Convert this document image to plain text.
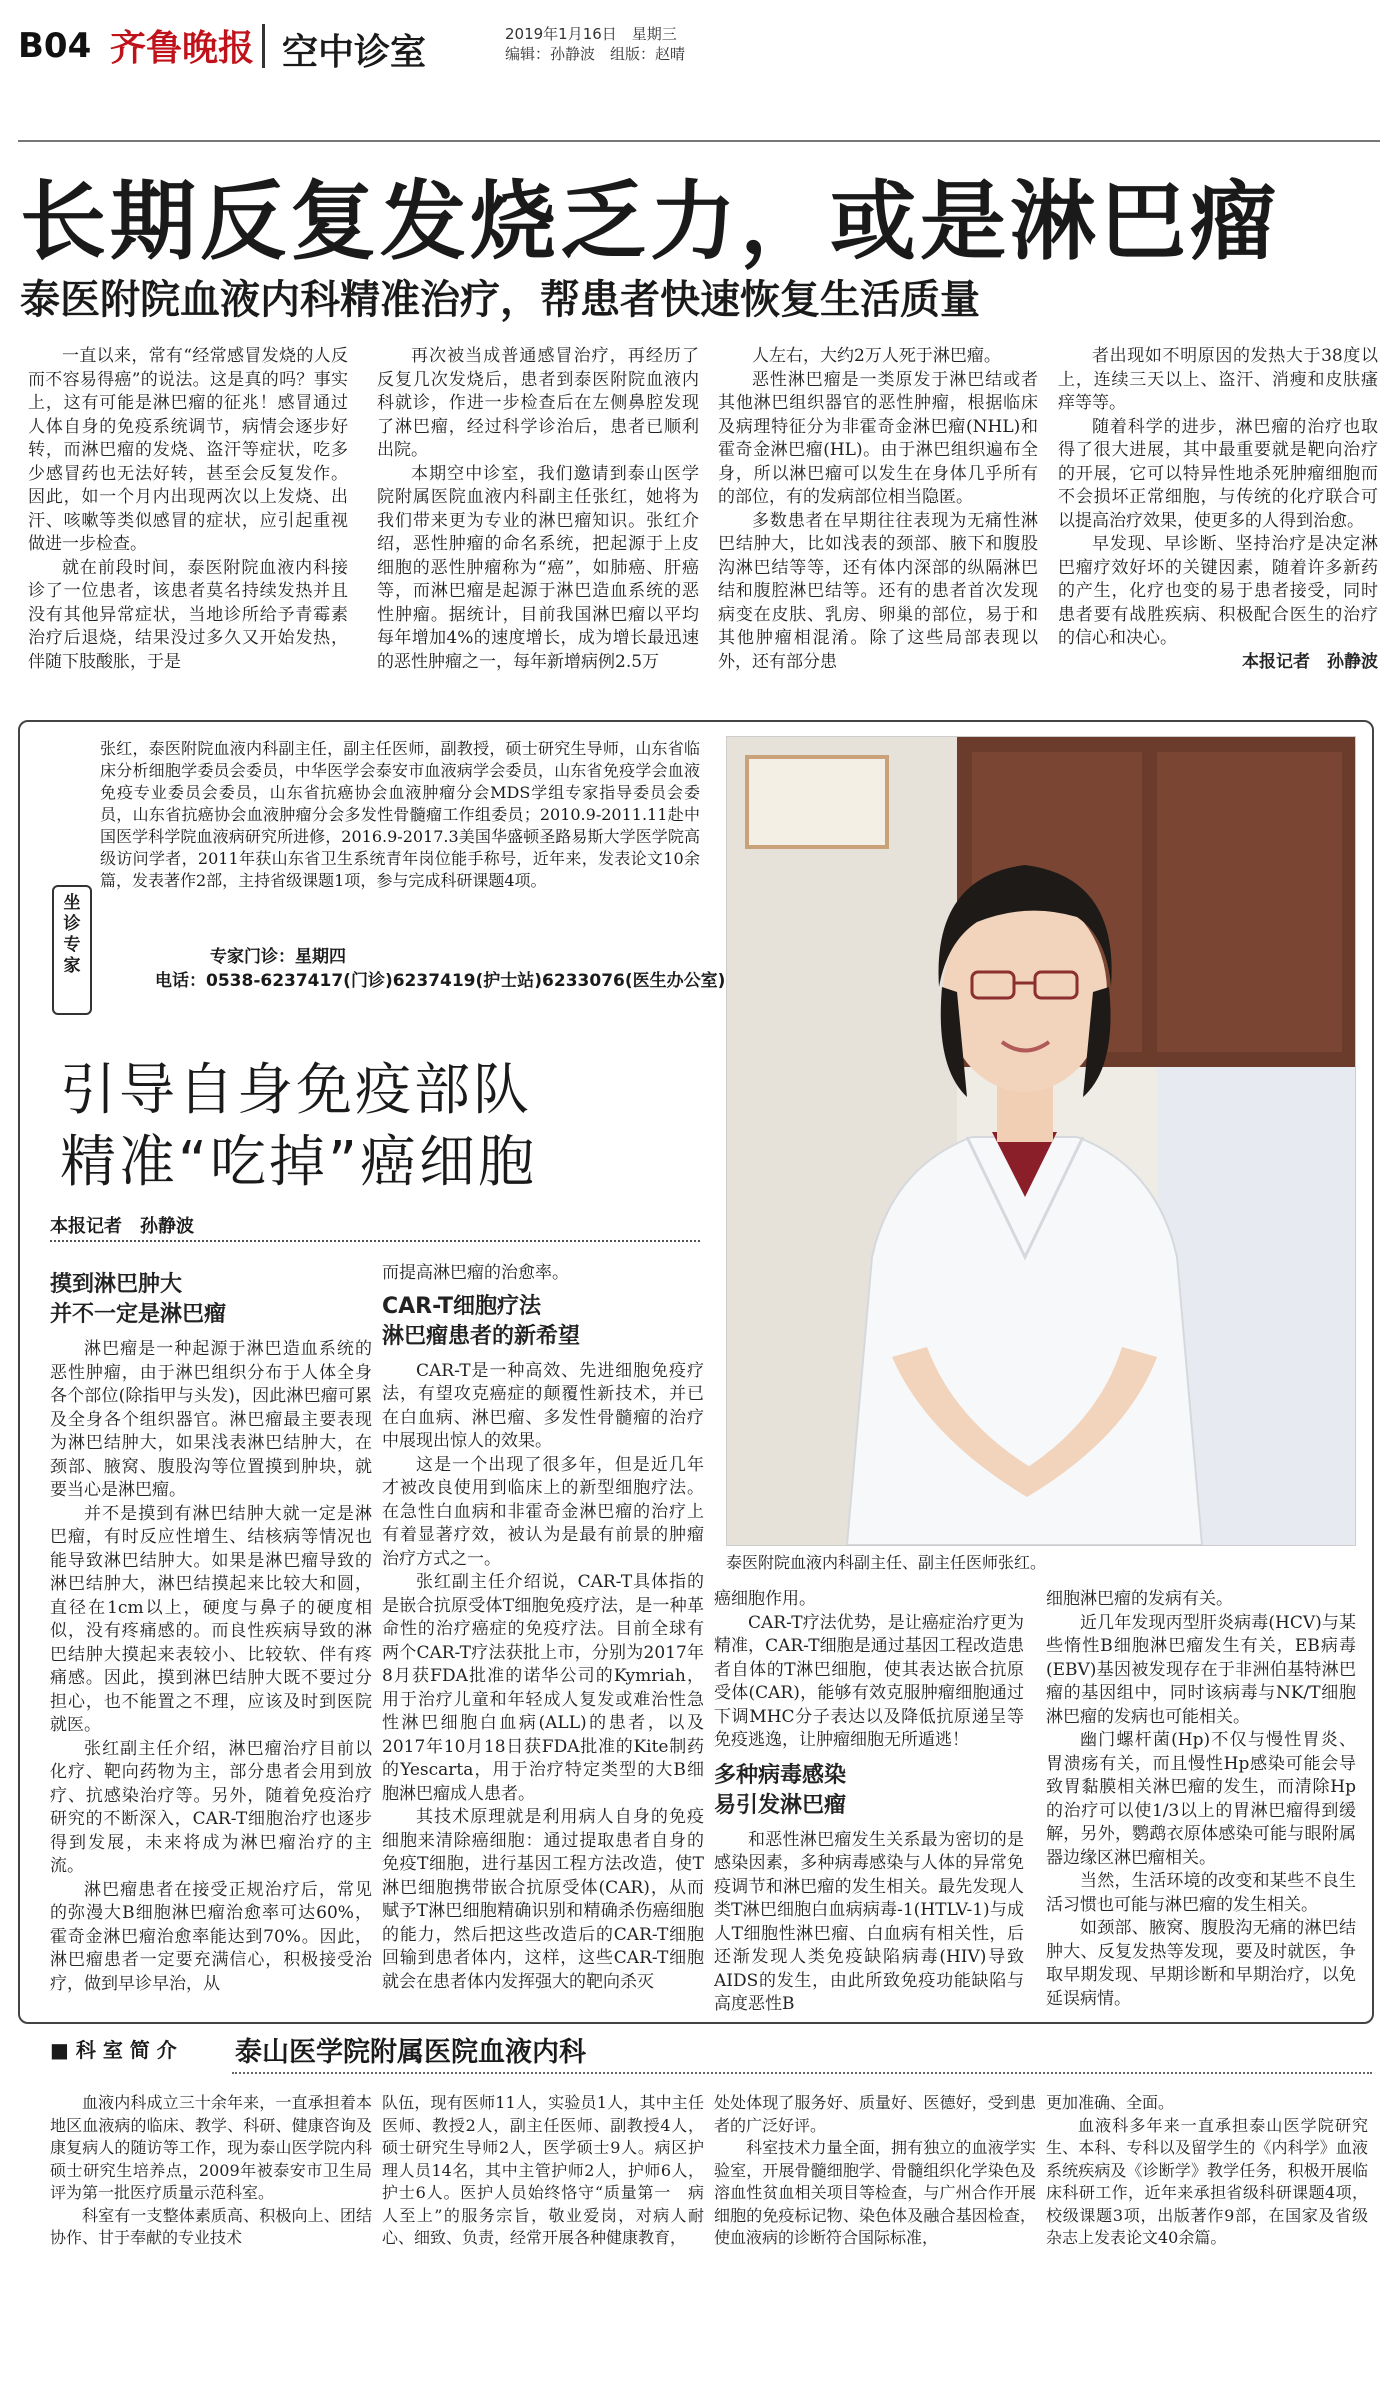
B04 齐鲁晚报 空中诊室	2019年1月16日　星期三
编辑：孙静波　组版：赵晴
长期反复发烧乏力，或是淋巴瘤
泰医附院血液内科精准治疗，帮患者快速恢复生活质量

一直以来，常有“经常感冒发烧的人反而不容易得癌”的说法。这是真的吗？事实上，这有可能是淋巴瘤的征兆！感冒通过人体自身的免疫系统调节，病情会逐步好转，而淋巴瘤的发烧、盗汗等症状，吃多少感冒药也无法好转，甚至会反复发作。因此，如一个月内出现两次以上发烧、出汗、咳嗽等类似感冒的症状，应引起重视做进一步检查。

就在前段时间，泰医附院血液内科接诊了一位患者，该患者莫名持续发热并且没有其他异常症状，当地诊所给予青霉素治疗后退烧，结果没过多久又开始发热，伴随下肢酸胀，于是

再次被当成普通感冒治疗，再经历了反复几次发烧后，患者到泰医附院血液内科就诊，作进一步检查后在左侧鼻腔发现了淋巴瘤，经过科学诊治后，患者已顺利出院。

本期空中诊室，我们邀请到泰山医学院附属医院血液内科副主任张红，她将为我们带来更为专业的淋巴瘤知识。张红介绍，恶性肿瘤的命名系统，把起源于上皮细胞的恶性肿瘤称为“癌”，如肺癌、肝癌等，而淋巴瘤是起源于淋巴造血系统的恶性肿瘤。据统计，目前我国淋巴瘤以平均每年增加4%的速度增长，成为增长最迅速的恶性肿瘤之一，每年新增病例2.5万

人左右，大约2万人死于淋巴瘤。

恶性淋巴瘤是一类原发于淋巴结或者其他淋巴组织器官的恶性肿瘤，根据临床及病理特征分为非霍奇金淋巴瘤(NHL)和霍奇金淋巴瘤(HL)。由于淋巴组织遍布全身，所以淋巴瘤可以发生在身体几乎所有的部位，有的发病部位相当隐匿。

多数患者在早期往往表现为无痛性淋巴结肿大，比如浅表的颈部、腋下和腹股沟淋巴结等等，还有体内深部的纵隔淋巴结和腹腔淋巴结等。还有的患者首次发现病变在皮肤、乳房、卵巢的部位，易于和其他肿瘤相混淆。除了这些局部表现以外，还有部分患

者出现如不明原因的发热大于38度以上，连续三天以上、盗汗、消瘦和皮肤瘙痒等等。

随着科学的进步，淋巴瘤的治疗也取得了很大进展，其中最重要就是靶向治疗的开展，它可以特异性地杀死肿瘤细胞而不会损坏正常细胞，与传统的化疗联合可以提高治疗效果，使更多的人得到治愈。

早发现、早诊断、坚持治疗是决定淋巴瘤疗效好坏的关键因素，随着许多新药的产生，化疗也变的易于患者接受，同时患者要有战胜疾病、积极配合医生的治疗的信心和决心。

本报记者　孙静波
张红，泰医附院血液内科副主任，副主任医师，副教授，硕士研究生导师，山东省临床分析细胞学委员会委员，中华医学会泰安市血液病学会委员，山东省免疫学会血液免疫专业委员会委员，山东省抗癌协会血液肿瘤分会MDS学组专家指导委员会委员，山东省抗癌协会血液肿瘤分会多发性骨髓瘤工作组委员；2010.9-2011.11赴中国医学科学院血液病研究所进修，2016.9-2017.3美国华盛顿圣路易斯大学医学院高级访问学者，2011年获山东省卫生系统青年岗位能手称号，近年来，发表论文10余篇，发表著作2部，主持省级课题1项，参与完成科研课题4项。
坐
诊
专
家	专家门诊：星期四
电话：0538-6237417(门诊)6237419(护士站)6233076(医生办公室)
泰医附院血液内科副主任、副主任医师张红。
引导自身免疫部队
精准“吃掉”癌细胞
本报记者　孙静波
摸到淋巴肿大
并不一定是淋巴瘤

淋巴瘤是一种起源于淋巴造血系统的恶性肿瘤，由于淋巴组织分布于人体全身各个部位(除指甲与头发)，因此淋巴瘤可累及全身各个组织器官。淋巴瘤最主要表现为淋巴结肿大，如果浅表淋巴结肿大，在颈部、腋窝、腹股沟等位置摸到肿块，就要当心是淋巴瘤。

并不是摸到有淋巴结肿大就一定是淋巴瘤，有时反应性增生、结核病等情况也能导致淋巴结肿大。如果是淋巴瘤导致的淋巴结肿大，淋巴结摸起来比较大和圆，直径在1cm以上，硬度与鼻子的硬度相似，没有疼痛感的。而良性疾病导致的淋巴结肿大摸起来表较小、比较软、伴有疼痛感。因此，摸到淋巴结肿大既不要过分担心，也不能置之不理，应该及时到医院就医。

张红副主任介绍，淋巴瘤治疗目前以化疗、靶向药物为主，部分患者会用到放疗、抗感染治疗等。另外，随着免疫治疗研究的不断深入，CAR-T细胞治疗也逐步得到发展，未来将成为淋巴瘤治疗的主流。

淋巴瘤患者在接受正规治疗后，常见的弥漫大B细胞淋巴瘤治愈率可达60%，霍奇金淋巴瘤治愈率能达到70%。因此，淋巴瘤患者一定要充满信心，积极接受治疗，做到早诊早治，从

而提高淋巴瘤的治愈率。

CAR-T细胞疗法
淋巴瘤患者的新希望

CAR-T是一种高效、先进细胞免疫疗法，有望攻克癌症的颠覆性新技术，并已在白血病、淋巴瘤、多发性骨髓瘤的治疗中展现出惊人的效果。

这是一个出现了很多年，但是近几年才被改良使用到临床上的新型细胞疗法。在急性白血病和非霍奇金淋巴瘤的治疗上有着显著疗效，被认为是最有前景的肿瘤治疗方式之一。

张红副主任介绍说，CAR-T具体指的是嵌合抗原受体T细胞免疫疗法，是一种革命性的治疗癌症的免疫疗法。目前全球有两个CAR-T疗法获批上市，分别为2017年8月获FDA批准的诺华公司的Kymriah，用于治疗儿童和年轻成人复发或难治性急性淋巴细胞白血病(ALL)的患者，以及2017年10月18日获FDA批准的Kite制药的Yescarta，用于治疗特定类型的大B细胞淋巴瘤成人患者。

其技术原理就是利用病人自身的免疫细胞来清除癌细胞：通过提取患者自身的免疫T细胞，进行基因工程方法改造，使T淋巴细胞携带嵌合抗原受体(CAR)，从而赋予T淋巴细胞精确识别和精确杀伤癌细胞的能力，然后把这些改造后的CAR-T细胞回输到患者体内，这样，这些CAR-T细胞就会在患者体内发挥强大的靶向杀灭

癌细胞作用。

CAR-T疗法优势，是让癌症治疗更为精准，CAR-T细胞是通过基因工程改造患者自体的T淋巴细胞，使其表达嵌合抗原受体(CAR)，能够有效克服肿瘤细胞通过下调MHC分子表达以及降低抗原递呈等免疫逃逸，让肿瘤细胞无所遁逃！

多种病毒感染
易引发淋巴瘤

和恶性淋巴瘤发生关系最为密切的是感染因素，多种病毒感染与人体的异常免疫调节和淋巴瘤的发生相关。最先发现人类T淋巴细胞白血病病毒-1(HTLV-1)与成人T细胞性淋巴瘤、白血病有相关性，后还渐发现人类免疫缺陷病毒(HIV)导致AIDS的发生，由此所致免疫功能缺陷与高度恶性B

细胞淋巴瘤的发病有关。

近几年发现丙型肝炎病毒(HCV)与某些惰性B细胞淋巴瘤发生有关，EB病毒(EBV)基因被发现存在于非洲伯基特淋巴瘤的基因组中，同时该病毒与NK/T细胞淋巴瘤的发病也可能相关。

幽门螺杆菌(Hp)不仅与慢性胃炎、胃溃疡有关，而且慢性Hp感染可能会导致胃黏膜相关淋巴瘤的发生，而清除Hp的治疗可以使1/3以上的胃淋巴瘤得到缓解，另外，鹦鹉衣原体感染可能与眼附属器边缘区淋巴瘤相关。

当然，生活环境的改变和某些不良生活习惯也可能与淋巴瘤的发生相关。

如颈部、腋窝、腹股沟无痛的淋巴结肿大、反复发热等发现，要及时就医，争取早期发现、早期诊断和早期治疗，以免延误病情。

■ 科 室 简 介 泰山医学院附属医院血液内科

血液内科成立三十余年来，一直承担着本地区血液病的临床、教学、科研、健康咨询及康复病人的随访等工作，现为泰山医学院内科硕士研究生培养点，2009年被泰安市卫生局评为第一批医疗质量示范科室。

科室有一支整体素质高、积极向上、团结协作、甘于奉献的专业技术

队伍，现有医师11人，实验员1人，其中主任医师、教授2人，副主任医师、副教授4人，硕士研究生导师2人，医学硕士9人。病区护理人员14名，其中主管护师2人，护师6人，护士6人。医护人员始终恪守“质量第一　病人至上”的服务宗旨，敬业爱岗，对病人耐心、细致、负责，经常开展各种健康教育，

处处体现了服务好、质量好、医德好，受到患者的广泛好评。

科室技术力量全面，拥有独立的血液学实验室，开展骨髓细胞学、骨髓组织化学染色及溶血性贫血相关项目等检查，与广州合作开展细胞的免疫标记物、染色体及融合基因检查，使血液病的诊断符合国际标准，

更加准确、全面。

血液科多年来一直承担泰山医学院研究生、本科、专科以及留学生的《内科学》血液系统疾病及《诊断学》教学任务，积极开展临床科研工作，近年来承担省级科研课题4项，校级课题3项，出版著作9部，在国家及省级杂志上发表论文40余篇。
